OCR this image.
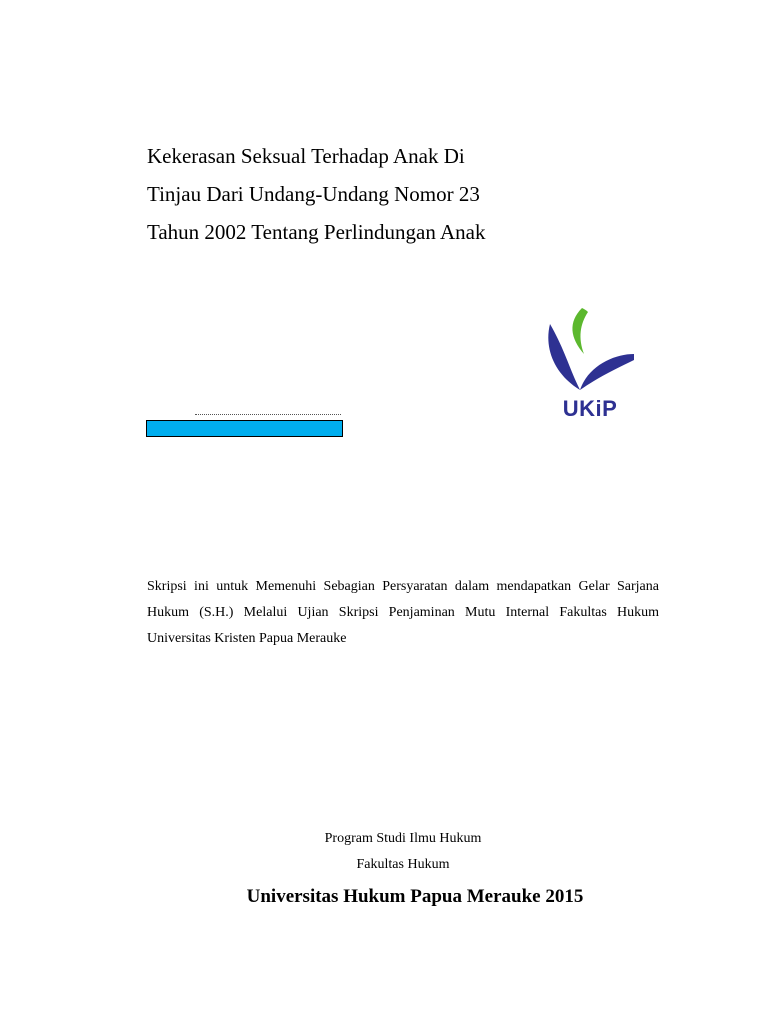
Kekerasan Seksual Terhadap Anak Di
Tinjau Dari Undang-Undang Nomor 23
Tahun 2002 Tentang Perlindungan Anak
UKiP
Skripsi ini untuk Memenuhi Sebagian Persyaratan dalam mendapatkan Gelar Sarjana Hukum (S.H.) Melalui Ujian Skripsi Penjaminan Mutu Internal Fakultas Hukum Universitas Kristen Papua Merauke
Program Studi Ilmu Hukum
Fakultas Hukum
Universitas Hukum Papua Merauke 2015
